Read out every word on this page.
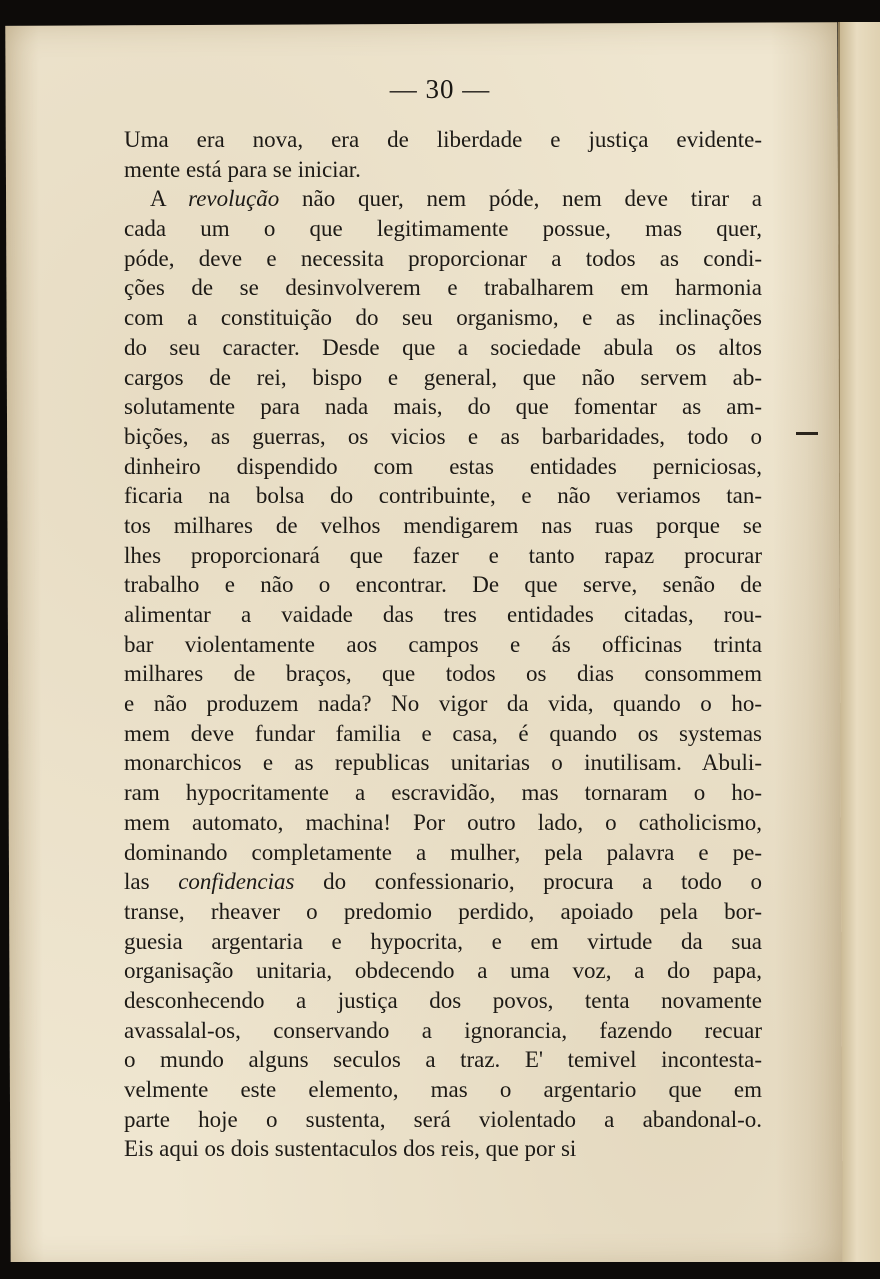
— 30 —
Uma era nova, era de liberdade e justiça evidente-
mente está para se iniciar.
A revolução não quer, nem póde, nem deve tirar a
cada um o que legitimamente possue, mas quer,
póde, deve e necessita proporcionar a todos as condi-
ções de se desinvolverem e trabalharem em harmonia
com a constituição do seu organismo, e as inclinações
do seu caracter. Desde que a sociedade abula os altos
cargos de rei, bispo e general, que não servem ab-
solutamente para nada mais, do que fomentar as am-
bições, as guerras, os vicios e as barbaridades, todo o
dinheiro dispendido com estas entidades perniciosas,
ficaria na bolsa do contribuinte, e não veriamos tan-
tos milhares de velhos mendigarem nas ruas porque se
lhes proporcionará que fazer e tanto rapaz procurar
trabalho e não o encontrar. De que serve, senão de
alimentar a vaidade das tres entidades citadas, rou-
bar violentamente aos campos e ás officinas trinta
milhares de braços, que todos os dias consommem
e não produzem nada? No vigor da vida, quando o ho-
mem deve fundar familia e casa, é quando os systemas
monarchicos e as republicas unitarias o inutilisam. Abuli-
ram hypocritamente a escravidão, mas tornaram o ho-
mem automato, machina! Por outro lado, o catholicismo,
dominando completamente a mulher, pela palavra e pe-
las confidencias do confessionario, procura a todo o
transe, rheaver o predomio perdido, apoiado pela bor-
guesia argentaria e hypocrita, e em virtude da sua
organisação unitaria, obdecendo a uma voz, a do papa,
desconhecendo a justiça dos povos, tenta novamente
avassalal-os, conservando a ignorancia, fazendo recuar
o mundo alguns seculos a traz. E' temivel incontesta-
velmente este elemento, mas o argentario que em
parte hoje o sustenta, será violentado a abandonal-o.
Eis aqui os dois sustentaculos dos reis, que por si
